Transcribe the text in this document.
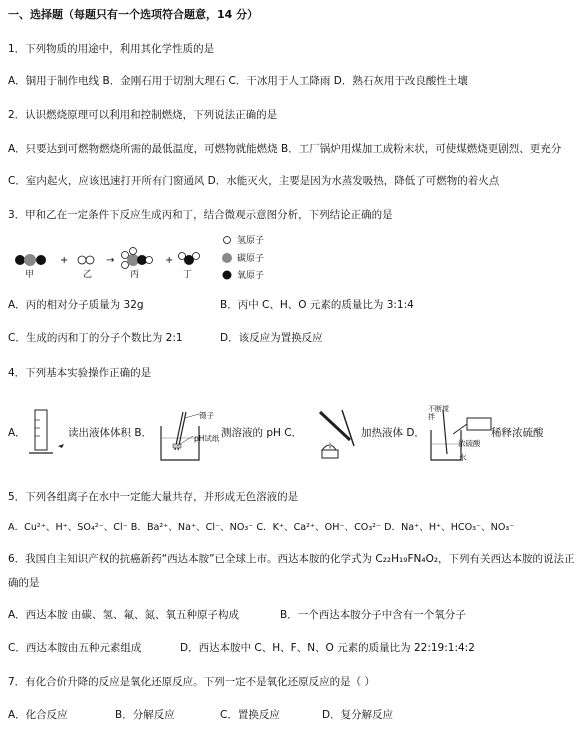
一、选择题（每题只有一个选项符合题意，14 分）
1．下列物质的用途中，利用其化学性质的是
A．铜用于制作电线 B．金刚石用于切割大理石 C．干冰用于人工降雨 D．熟石灰用于改良酸性土壤
2．认识燃烧原理可以利用和控制燃烧，下列说法正确的是
A．只要达到可燃物燃烧所需的最低温度，可燃物就能燃烧 B．工厂锅炉用煤加工成粉末状，可使煤燃烧更剧烈、更充分
C．室内起火，应该迅速打开所有门窗通风 D．水能灭火，主要是因为水蒸发吸热，降低了可燃物的着火点
3．甲和乙在一定条件下反应生成丙和丁，结合微观示意图分析，下列结论正确的是
+	→	+
甲	乙	丙	丁
氢原子
碳原子
氧原子
A．丙的相对分子质量为 32g	B．丙中 C、H、O 元素的质量比为 3:1:4
C．生成的丙和丁的分子个数比为 2:1	D．该反应为置换反应
4．下列基本实验操作正确的是
A．	读出液体体积 B．
镊子
pH试纸 测溶液的 pH C．	加热液体 D．
不断搅拌
浓硫酸
水
稀释浓硫酸
5．下列各组离子在水中一定能大量共存，并形成无色溶液的是
A．Cu²⁺、H⁺、SO₄²⁻、Cl⁻ B．Ba²⁺、Na⁺、Cl⁻、NO₃⁻ C．K⁺、Ca²⁺、OH⁻、CO₃²⁻ D．Na⁺、H⁺、HCO₃⁻、NO₃⁻
6．我国自主知识产权的抗癌新药“西达本胺”已全球上市。西达本胺的化学式为 C₂₂H₁₉FN₄O₂，下列有关西达本胺的说法正
确的是
A．西达本胺 由碳、氢、氟、氮、氧五种原子构成	B．一个西达本胺分子中含有一个氧分子
C．西达本胺由五种元素组成	D．西达本胺中 C、H、F、N、O 元素的质量比为 22:19:1:4:2
7．有化合价升降的反应是氧化还原反应。下列一定不是氧化还原反应的是（ ）
A．化合反应	B．分解反应	C．置换反应	D．复分解反应
